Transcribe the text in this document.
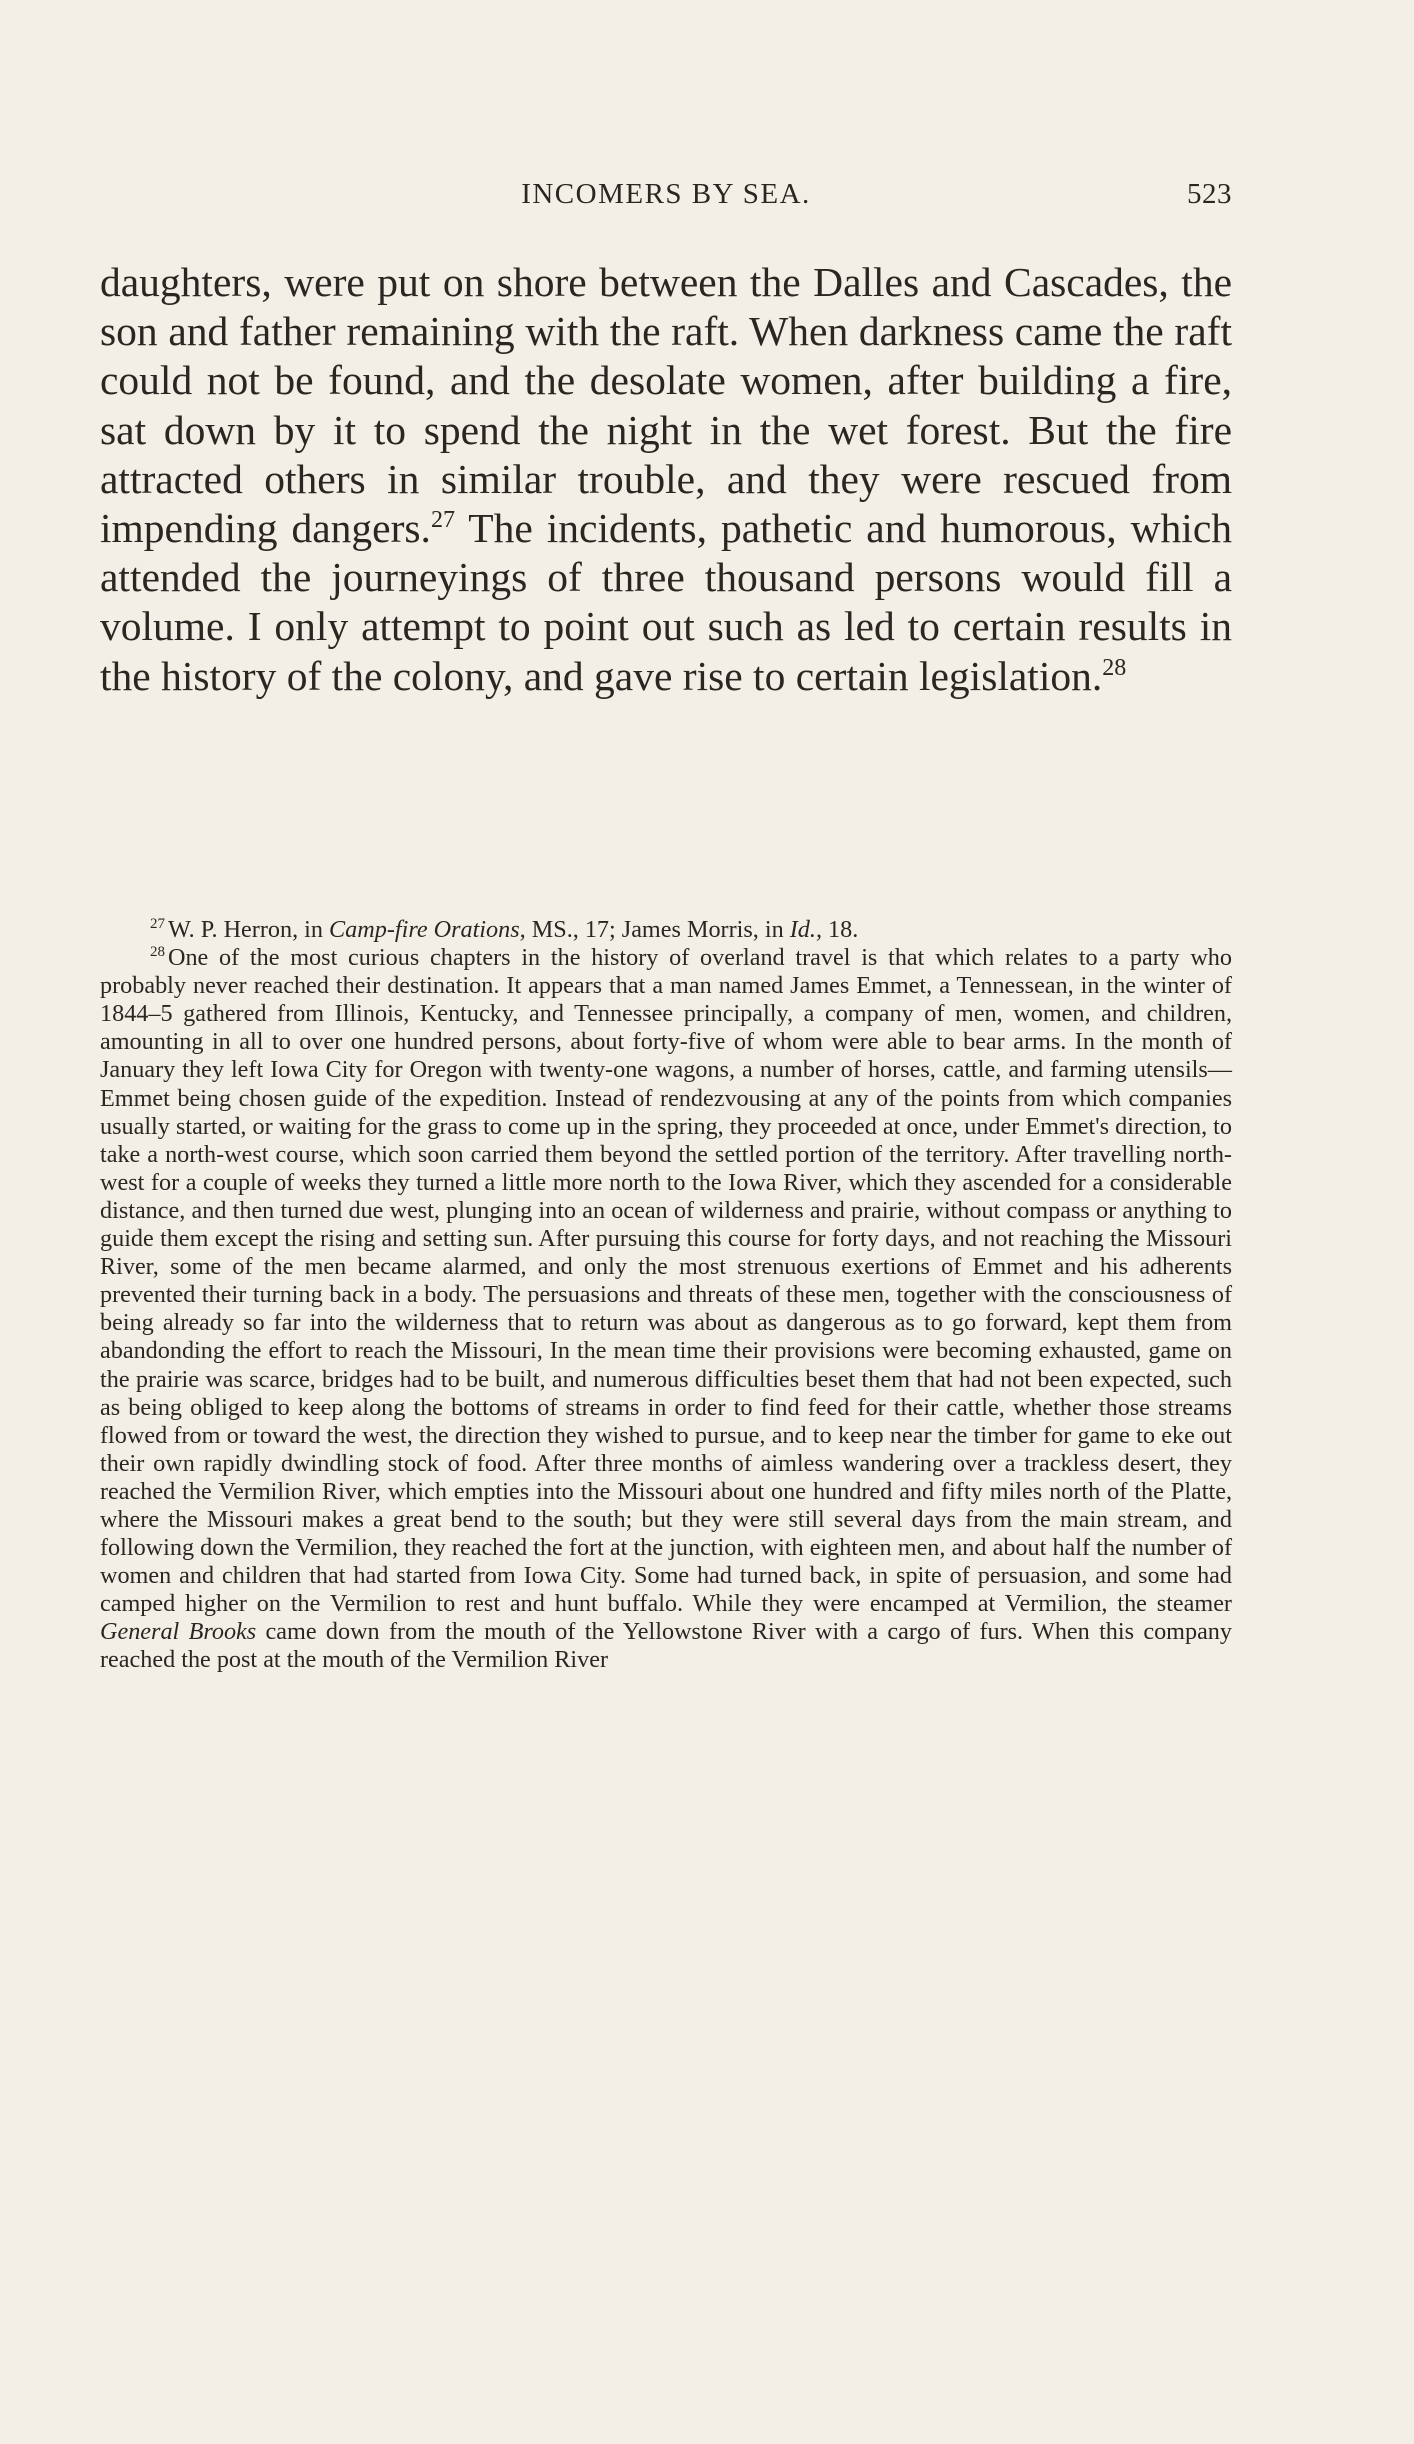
INCOMERS BY SEA.	523

daughters, were put on shore between the Dalles and Cascades, the son and father remaining with the raft. When darkness came the raft could not be found, and the desolate women, after building a fire, sat down by it to spend the night in the wet forest. But the fire attracted others in similar trouble, and they were rescued from impending dangers.$^{27}$ The incidents, pathetic and humorous, which attended the journeyings of three thousand persons would fill a volume. I only attempt to point out such as led to certain results in the history of the colony, and gave rise to certain legislation.$^{28}$

$^{27}$ W. P. Herron, in Camp-fire Orations, MS., 17; James Morris, in Id., 18.

$^{28}$ One of the most curious chapters in the history of overland travel is that which relates to a party who probably never reached their destination. It appears that a man named James Emmet, a Tennessean, in the winter of 1844–5 gathered from Illinois, Kentucky, and Tennessee principally, a company of men, women, and children, amounting in all to over one hundred persons, about forty-five of whom were able to bear arms. In the month of January they left Iowa City for Oregon with twenty-one wagons, a number of horses, cattle, and farming utensils—Emmet being chosen guide of the expedition. Instead of rendezvousing at any of the points from which companies usually started, or waiting for the grass to come up in the spring, they proceeded at once, under Emmet's direction, to take a north-west course, which soon carried them beyond the settled portion of the territory. After travelling north-west for a couple of weeks they turned a little more north to the Iowa River, which they ascended for a considerable distance, and then turned due west, plunging into an ocean of wilderness and prairie, without compass or anything to guide them except the rising and setting sun. After pursuing this course for forty days, and not reaching the Missouri River, some of the men became alarmed, and only the most strenuous exertions of Emmet and his adherents prevented their turning back in a body. The persuasions and threats of these men, together with the consciousness of being already so far into the wilderness that to return was about as dangerous as to go forward, kept them from abandonding the effort to reach the Missouri, In the mean time their provisions were becoming exhausted, game on the prairie was scarce, bridges had to be built, and numerous difficulties beset them that had not been expected, such as being obliged to keep along the bottoms of streams in order to find feed for their cattle, whether those streams flowed from or toward the west, the direction they wished to pursue, and to keep near the timber for game to eke out their own rapidly dwindling stock of food. After three months of aimless wandering over a trackless desert, they reached the Vermilion River, which empties into the Missouri about one hundred and fifty miles north of the Platte, where the Missouri makes a great bend to the south; but they were still several days from the main stream, and following down the Vermilion, they reached the fort at the junction, with eighteen men, and about half the number of women and children that had started from Iowa City. Some had turned back, in spite of persuasion, and some had camped higher on the Vermilion to rest and hunt buffalo. While they were encamped at Vermilion, the steamer General Brooks came down from the mouth of the Yellowstone River with a cargo of furs. When this company reached the post at the mouth of the Vermilion River
